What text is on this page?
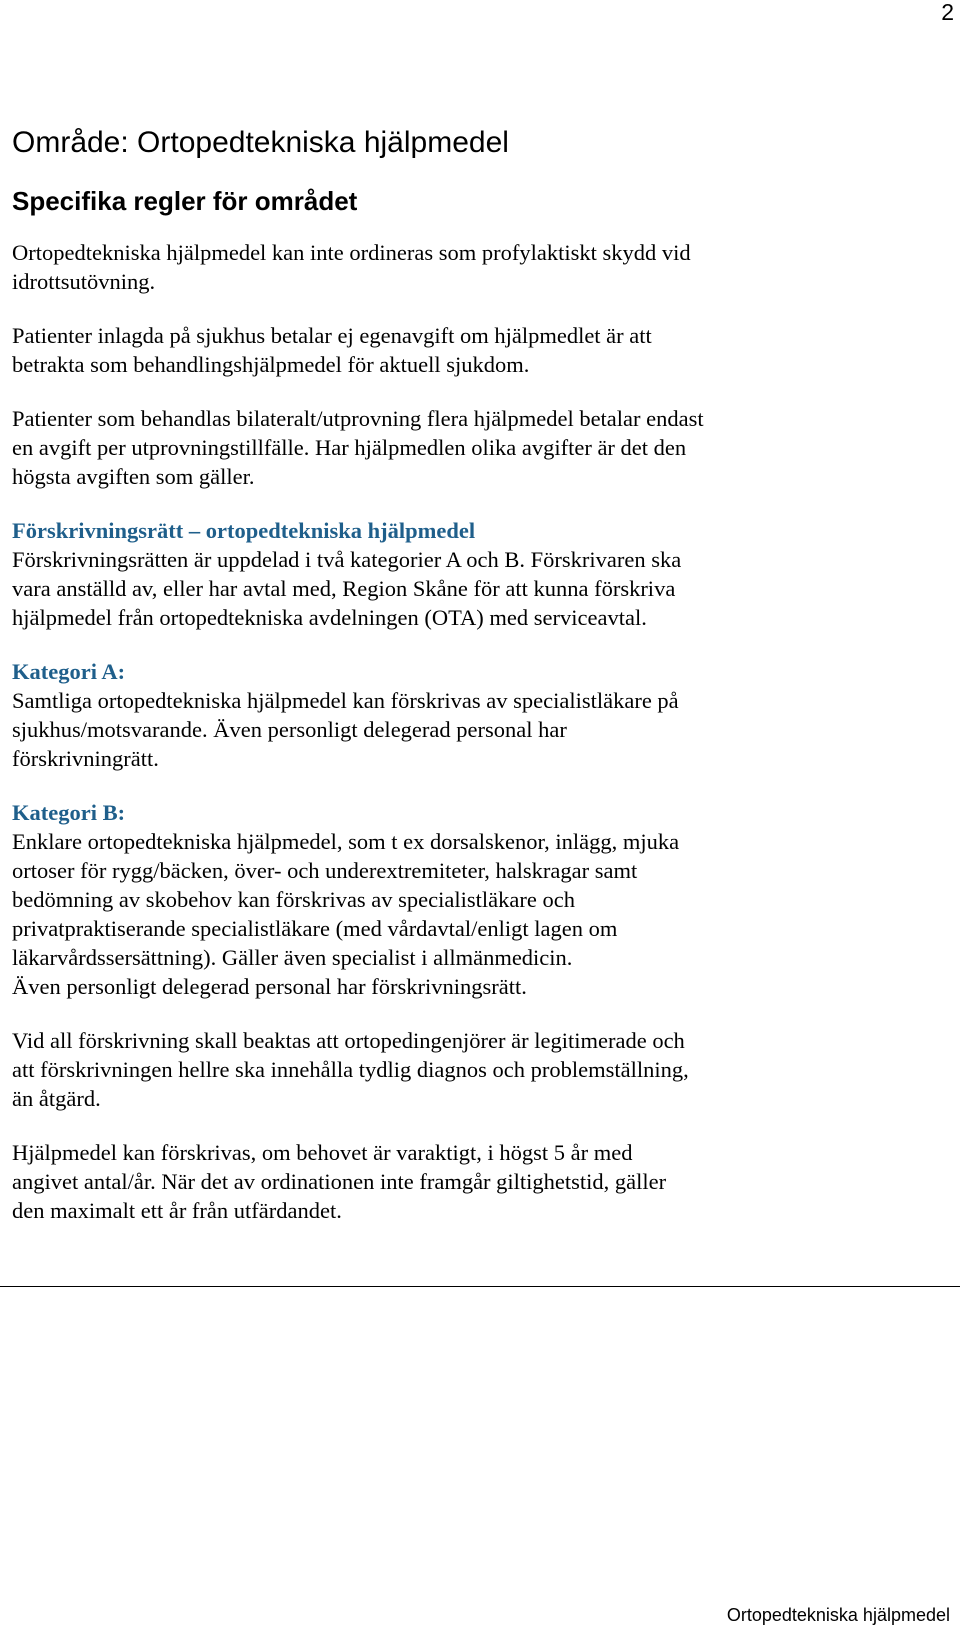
2
Område: Ortopedtekniska hjälpmedel
Specifika regler för området

Ortopedtekniska hjälpmedel kan inte ordineras som profylaktiskt skydd vid
idrottsutövning.

Patienter inlagda på sjukhus betalar ej egenavgift om hjälpmedlet är att
betrakta som behandlingshjälpmedel för aktuell sjukdom.

Patienter som behandlas bilateralt/utprovning flera hjälpmedel betalar endast
en avgift per utprovningstillfälle. Har hjälpmedlen olika avgifter är det den
högsta avgiften som gäller.

Förskrivningsrätt – ortopedtekniska hjälpmedel
Förskrivningsrätten är uppdelad i två kategorier A och B. Förskrivaren ska
vara anställd av, eller har avtal med, Region Skåne för att kunna förskriva
hjälpmedel från ortopedtekniska avdelningen (OTA) med serviceavtal.

Kategori A:
Samtliga ortopedtekniska hjälpmedel kan förskrivas av specialistläkare på
sjukhus/motsvarande. Även personligt delegerad personal har
förskrivningrätt.

Kategori B:
Enklare ortopedtekniska hjälpmedel, som t ex dorsalskenor, inlägg, mjuka
ortoser för rygg/bäcken, över- och underextremiteter, halskragar samt
bedömning av skobehov kan förskrivas av specialistläkare och
privatpraktiserande specialistläkare (med vårdavtal/enligt lagen om
läkarvårdssersättning). Gäller även specialist i allmänmedicin.
Även personligt delegerad personal har förskrivningsrätt.

Vid all förskrivning skall beaktas att ortopedingenjörer är legitimerade och
att förskrivningen hellre ska innehålla tydlig diagnos och problemställning,
än åtgärd.

Hjälpmedel kan förskrivas, om behovet är varaktigt, i högst 5 år med
angivet antal/år. När det av ordinationen inte framgår giltighetstid, gäller
den maximalt ett år från utfärdandet.

Ortopedtekniska hjälpmedel
